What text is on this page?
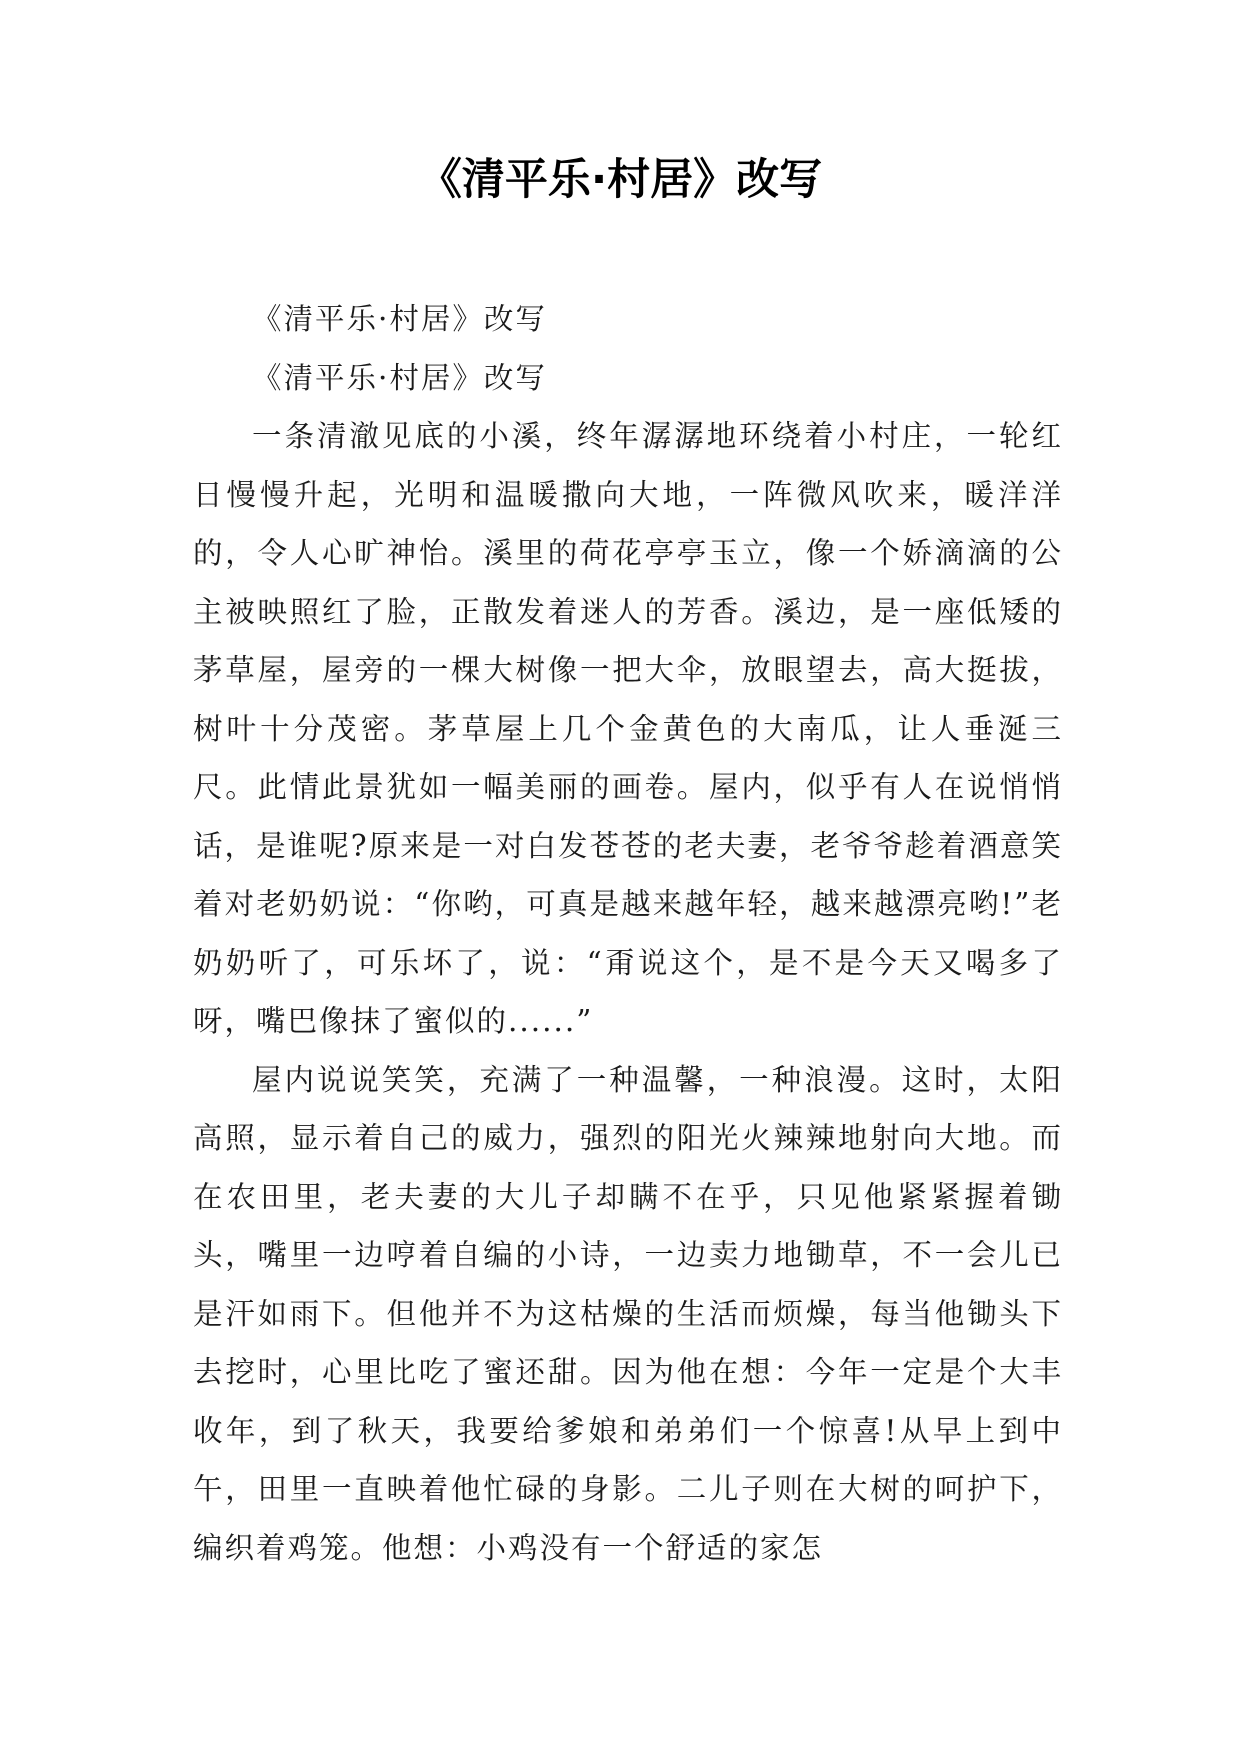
《清平乐·村居》改写

《清平乐·村居》改写

《清平乐·村居》改写

一条清澈见底的小溪，终年潺潺地环绕着小村庄，一轮红日慢慢升起，光明和温暖撒向大地，一阵微风吹来，暖洋洋的，令人心旷神怡。溪里的荷花亭亭玉立，像一个娇滴滴的公主被映照红了脸，正散发着迷人的芳香。溪边，是一座低矮的茅草屋，屋旁的一棵大树像一把大伞，放眼望去，高大挺拔，树叶十分茂密。茅草屋上几个金黄色的大南瓜，让人垂涎三尺。此情此景犹如一幅美丽的画卷。屋内，似乎有人在说悄悄话，是谁呢?原来是一对白发苍苍的老夫妻，老爷爷趁着酒意笑着对老奶奶说：“你哟，可真是越来越年轻，越来越漂亮哟!”老奶奶听了，可乐坏了，说：“甭说这个，是不是今天又喝多了呀，嘴巴像抹了蜜似的......”

屋内说说笑笑，充满了一种温馨，一种浪漫。这时，太阳高照，显示着自己的威力，强烈的阳光火辣辣地射向大地。而在农田里，老夫妻的大儿子却瞒不在乎，只见他紧紧握着锄头，嘴里一边哼着自编的小诗，一边卖力地锄草，不一会儿已是汗如雨下。但他并不为这枯燥的生活而烦燥，每当他锄头下去挖时，心里比吃了蜜还甜。因为他在想：今年一定是个大丰收年，到了秋天，我要给爹娘和弟弟们一个惊喜!从早上到中午，田里一直映着他忙碌的身影。二儿子则在大树的呵护下，编织着鸡笼。他想：小鸡没有一个舒适的家怎
